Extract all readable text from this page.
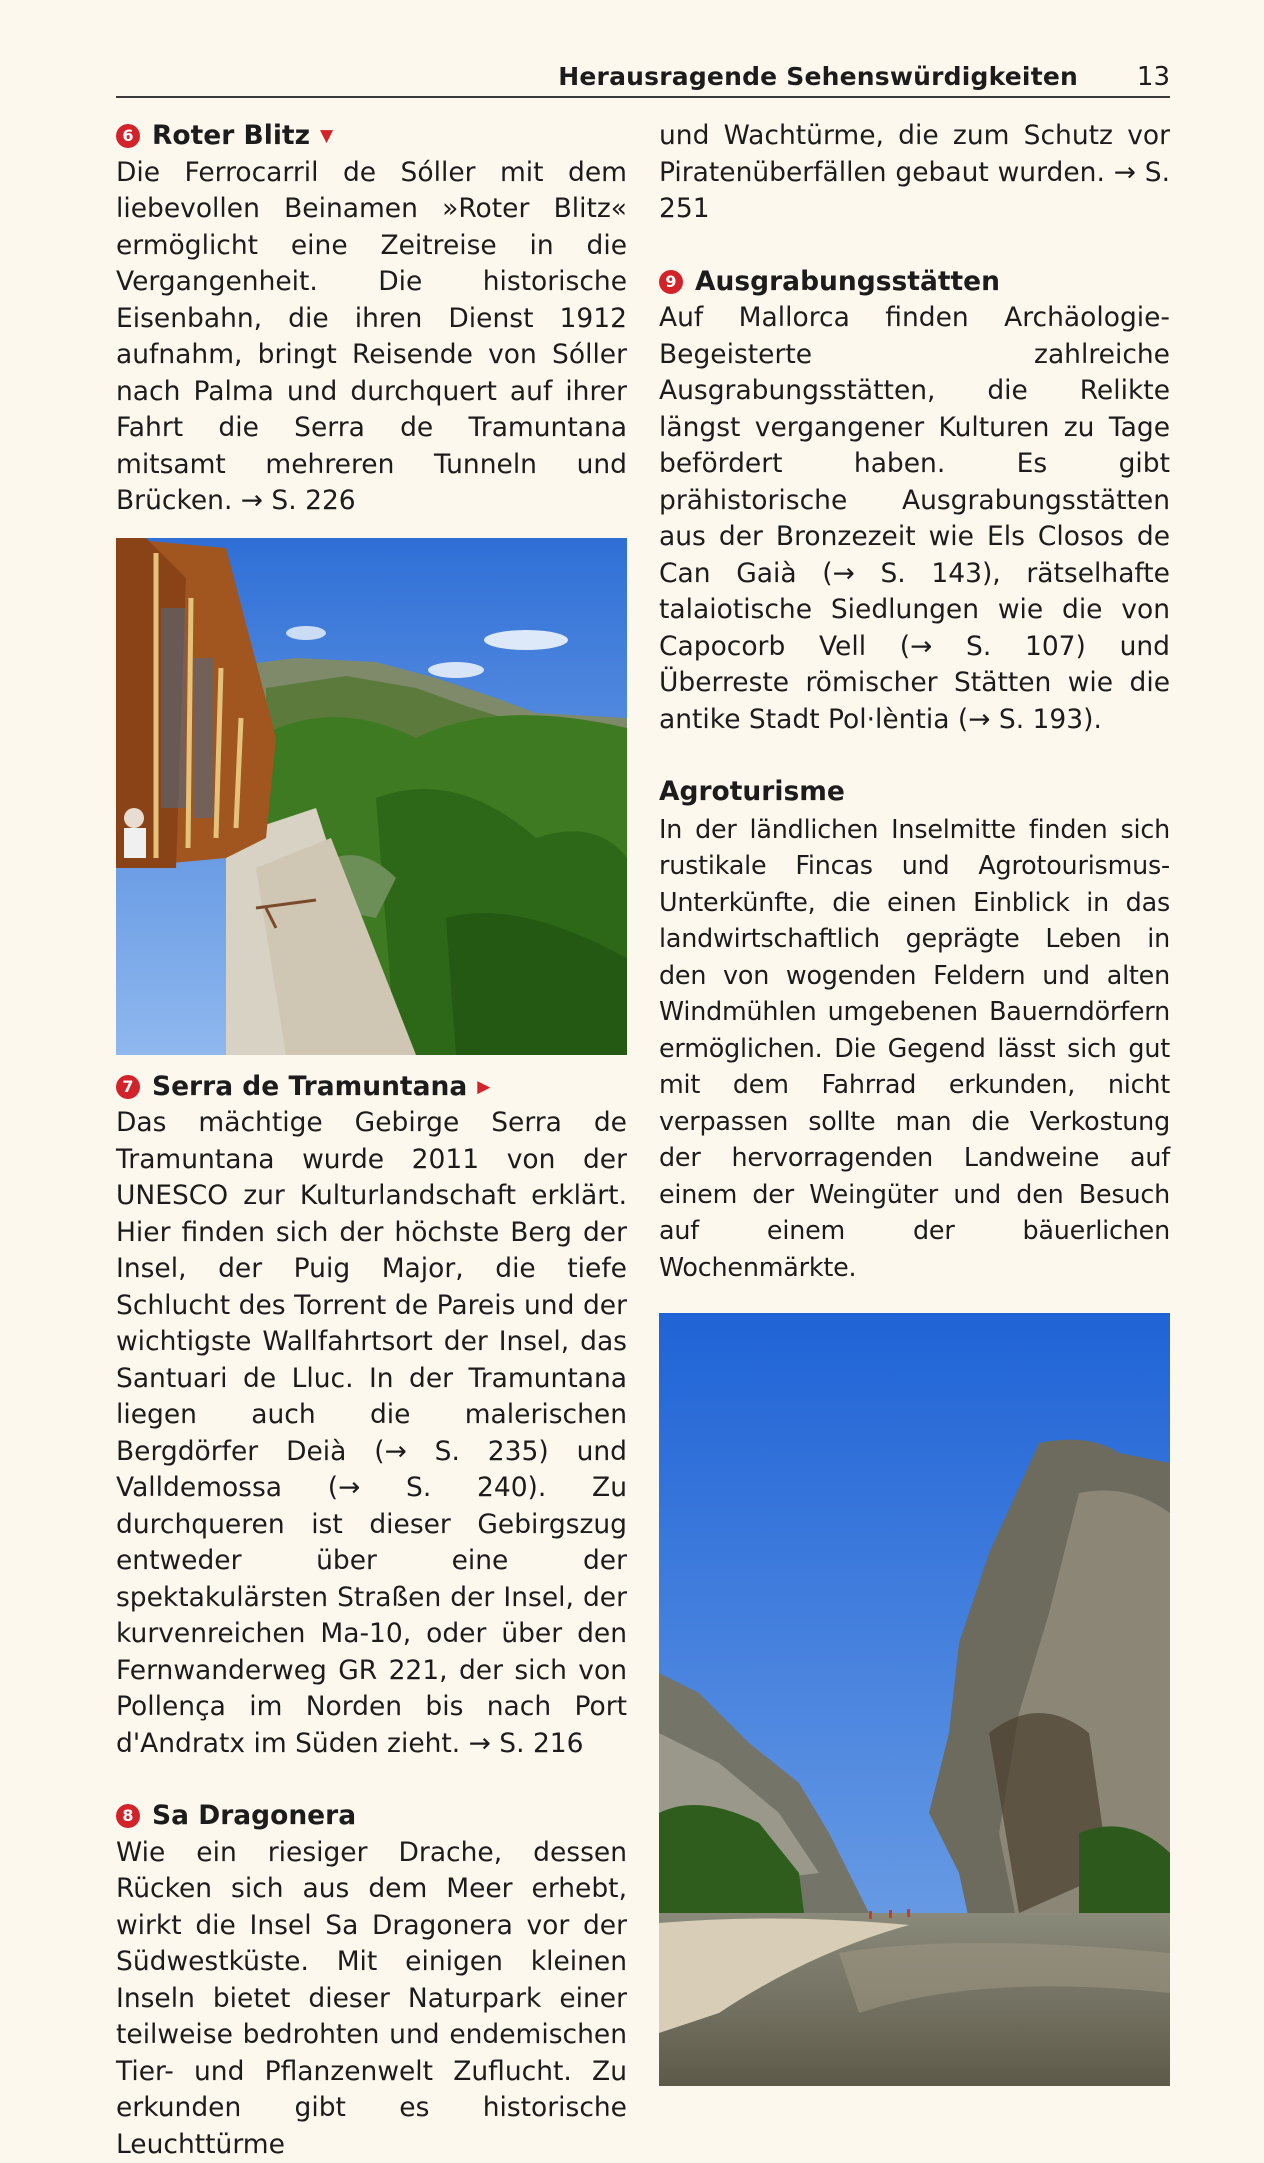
Herausragende Sehenswürdigkeiten 13
6 Roter Blitz ▼

Die Ferrocarril de Sóller mit dem liebevollen Beinamen »Roter Blitz« ermöglicht eine Zeitreise in die Vergangenheit. Die historische Eisenbahn, die ihren Dienst 1912 aufnahm, bringt Reisende von Sóller nach Palma und durchquert auf ihrer Fahrt die Serra de Tramuntana mitsamt mehreren Tunneln und Brücken. → S. 226

7 Serra de Tramuntana ▶

Das mächtige Gebirge Serra de Tramuntana wurde 2011 von der UNESCO zur Kulturlandschaft erklärt. Hier finden sich der höchste Berg der Insel, der Puig Major, die tiefe Schlucht des Torrent de Pareis und der wichtigste Wallfahrtsort der Insel, das Santuari de Lluc. In der Tramuntana liegen auch die malerischen Bergdörfer Deià (→ S. 235) und Valldemossa (→ S. 240). Zu durchqueren ist dieser Gebirgszug entweder über eine der spektakulärsten Straßen der Insel, der kurvenreichen Ma-10, oder über den Fernwanderweg GR 221, der sich von Pollença im Norden bis nach Port d'Andratx im Süden zieht. → S. 216

8 Sa Dragonera

Wie ein riesiger Drache, dessen Rücken sich aus dem Meer erhebt, wirkt die Insel Sa Dragonera vor der Südwestküste. Mit einigen kleinen Inseln bietet dieser Naturpark einer teilweise bedrohten und endemischen Tier- und Pflanzenwelt Zuflucht. Zu erkunden gibt es historische Leuchttürme

und Wachtürme, die zum Schutz vor Piratenüberfällen gebaut wurden. → S. 251

9 Ausgrabungsstätten

Auf Mallorca finden Archäologie-Begeisterte zahlreiche Ausgrabungsstätten, die Relikte längst vergangener Kulturen zu Tage befördert haben. Es gibt prähistorische Ausgrabungsstätten aus der Bronzezeit wie Els Closos de Can Gaià (→ S. 143), rätselhafte talaiotische Siedlungen wie die von Capocorb Vell (→ S. 107) und Überreste römischer Stätten wie die antike Stadt Pol·lèntia (→ S. 193).

Agroturisme

In der ländlichen Inselmitte finden sich rustikale Fincas und Agrotourismus-Unterkünfte, die einen Einblick in das landwirtschaftlich geprägte Leben in den von wogenden Feldern und alten Windmühlen umgebenen Bauerndörfern ermöglichen. Die Gegend lässt sich gut mit dem Fahrrad erkunden, nicht verpassen sollte man die Verkostung der hervorragenden Landweine auf einem der Weingüter und den Besuch auf einem der bäuerlichen Wochenmärkte.
